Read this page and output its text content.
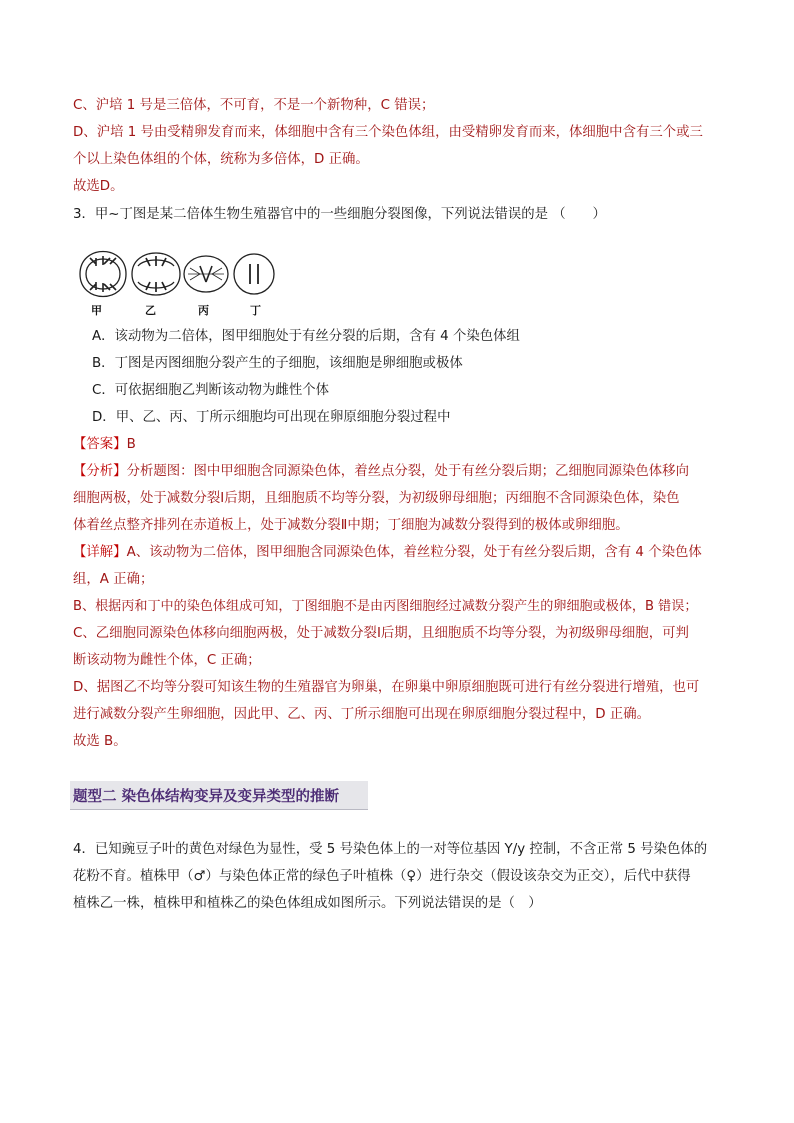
C、沪培 1 号是三倍体，不可育，不是一个新物种，C 错误；
D、沪培 1 号由受精卵发育而来，体细胞中含有三个染色体组，由受精卵发育而来，体细胞中含有三个或三
个以上染色体组的个体，统称为多倍体，D 正确。
故选D。
3．甲~丁图是某二倍体生物生殖器官中的一些细胞分裂图像，下列说法错误的是 （　　）
甲	乙	丙	丁
A．该动物为二倍体，图甲细胞处于有丝分裂的后期，含有 4 个染色体组
B．丁图是丙图细胞分裂产生的子细胞，该细胞是卵细胞或极体
C．可依据细胞乙判断该动物为雌性个体
D．甲、乙、丙、丁所示细胞均可出现在卵原细胞分裂过程中
【答案】B
【分析】分析题图：图中甲细胞含同源染色体，着丝点分裂，处于有丝分裂后期；乙细胞同源染色体移向
细胞两极，处于减数分裂Ⅰ后期，且细胞质不均等分裂，为初级卵母细胞；丙细胞不含同源染色体，染色
体着丝点整齐排列在赤道板上，处于减数分裂Ⅱ中期；丁细胞为减数分裂得到的极体或卵细胞。
【详解】A、该动物为二倍体，图甲细胞含同源染色体，着丝粒分裂，处于有丝分裂后期，含有 4 个染色体
组，A 正确；
B、根据丙和丁中的染色体组成可知，丁图细胞不是由丙图细胞经过减数分裂产生的卵细胞或极体，B 错误；
C、乙细胞同源染色体移向细胞两极，处于减数分裂Ⅰ后期，且细胞质不均等分裂，为初级卵母细胞，可判
断该动物为雌性个体，C 正确；
D、据图乙不均等分裂可知该生物的生殖器官为卵巢，在卵巢中卵原细胞既可进行有丝分裂进行增殖，也可
进行减数分裂产生卵细胞，因此甲、乙、丙、丁所示细胞可出现在卵原细胞分裂过程中，D 正确。
故选 B。
题型二 染色体结构变异及变异类型的推断
4．已知豌豆子叶的黄色对绿色为显性，受 5 号染色体上的一对等位基因 Y/y 控制，不含正常 5 号染色体的
花粉不育。植株甲（♂）与染色体正常的绿色子叶植株（♀）进行杂交（假设该杂交为正交），后代中获得
植株乙一株，植株甲和植株乙的染色体组成如图所示。下列说法错误的是（　）
